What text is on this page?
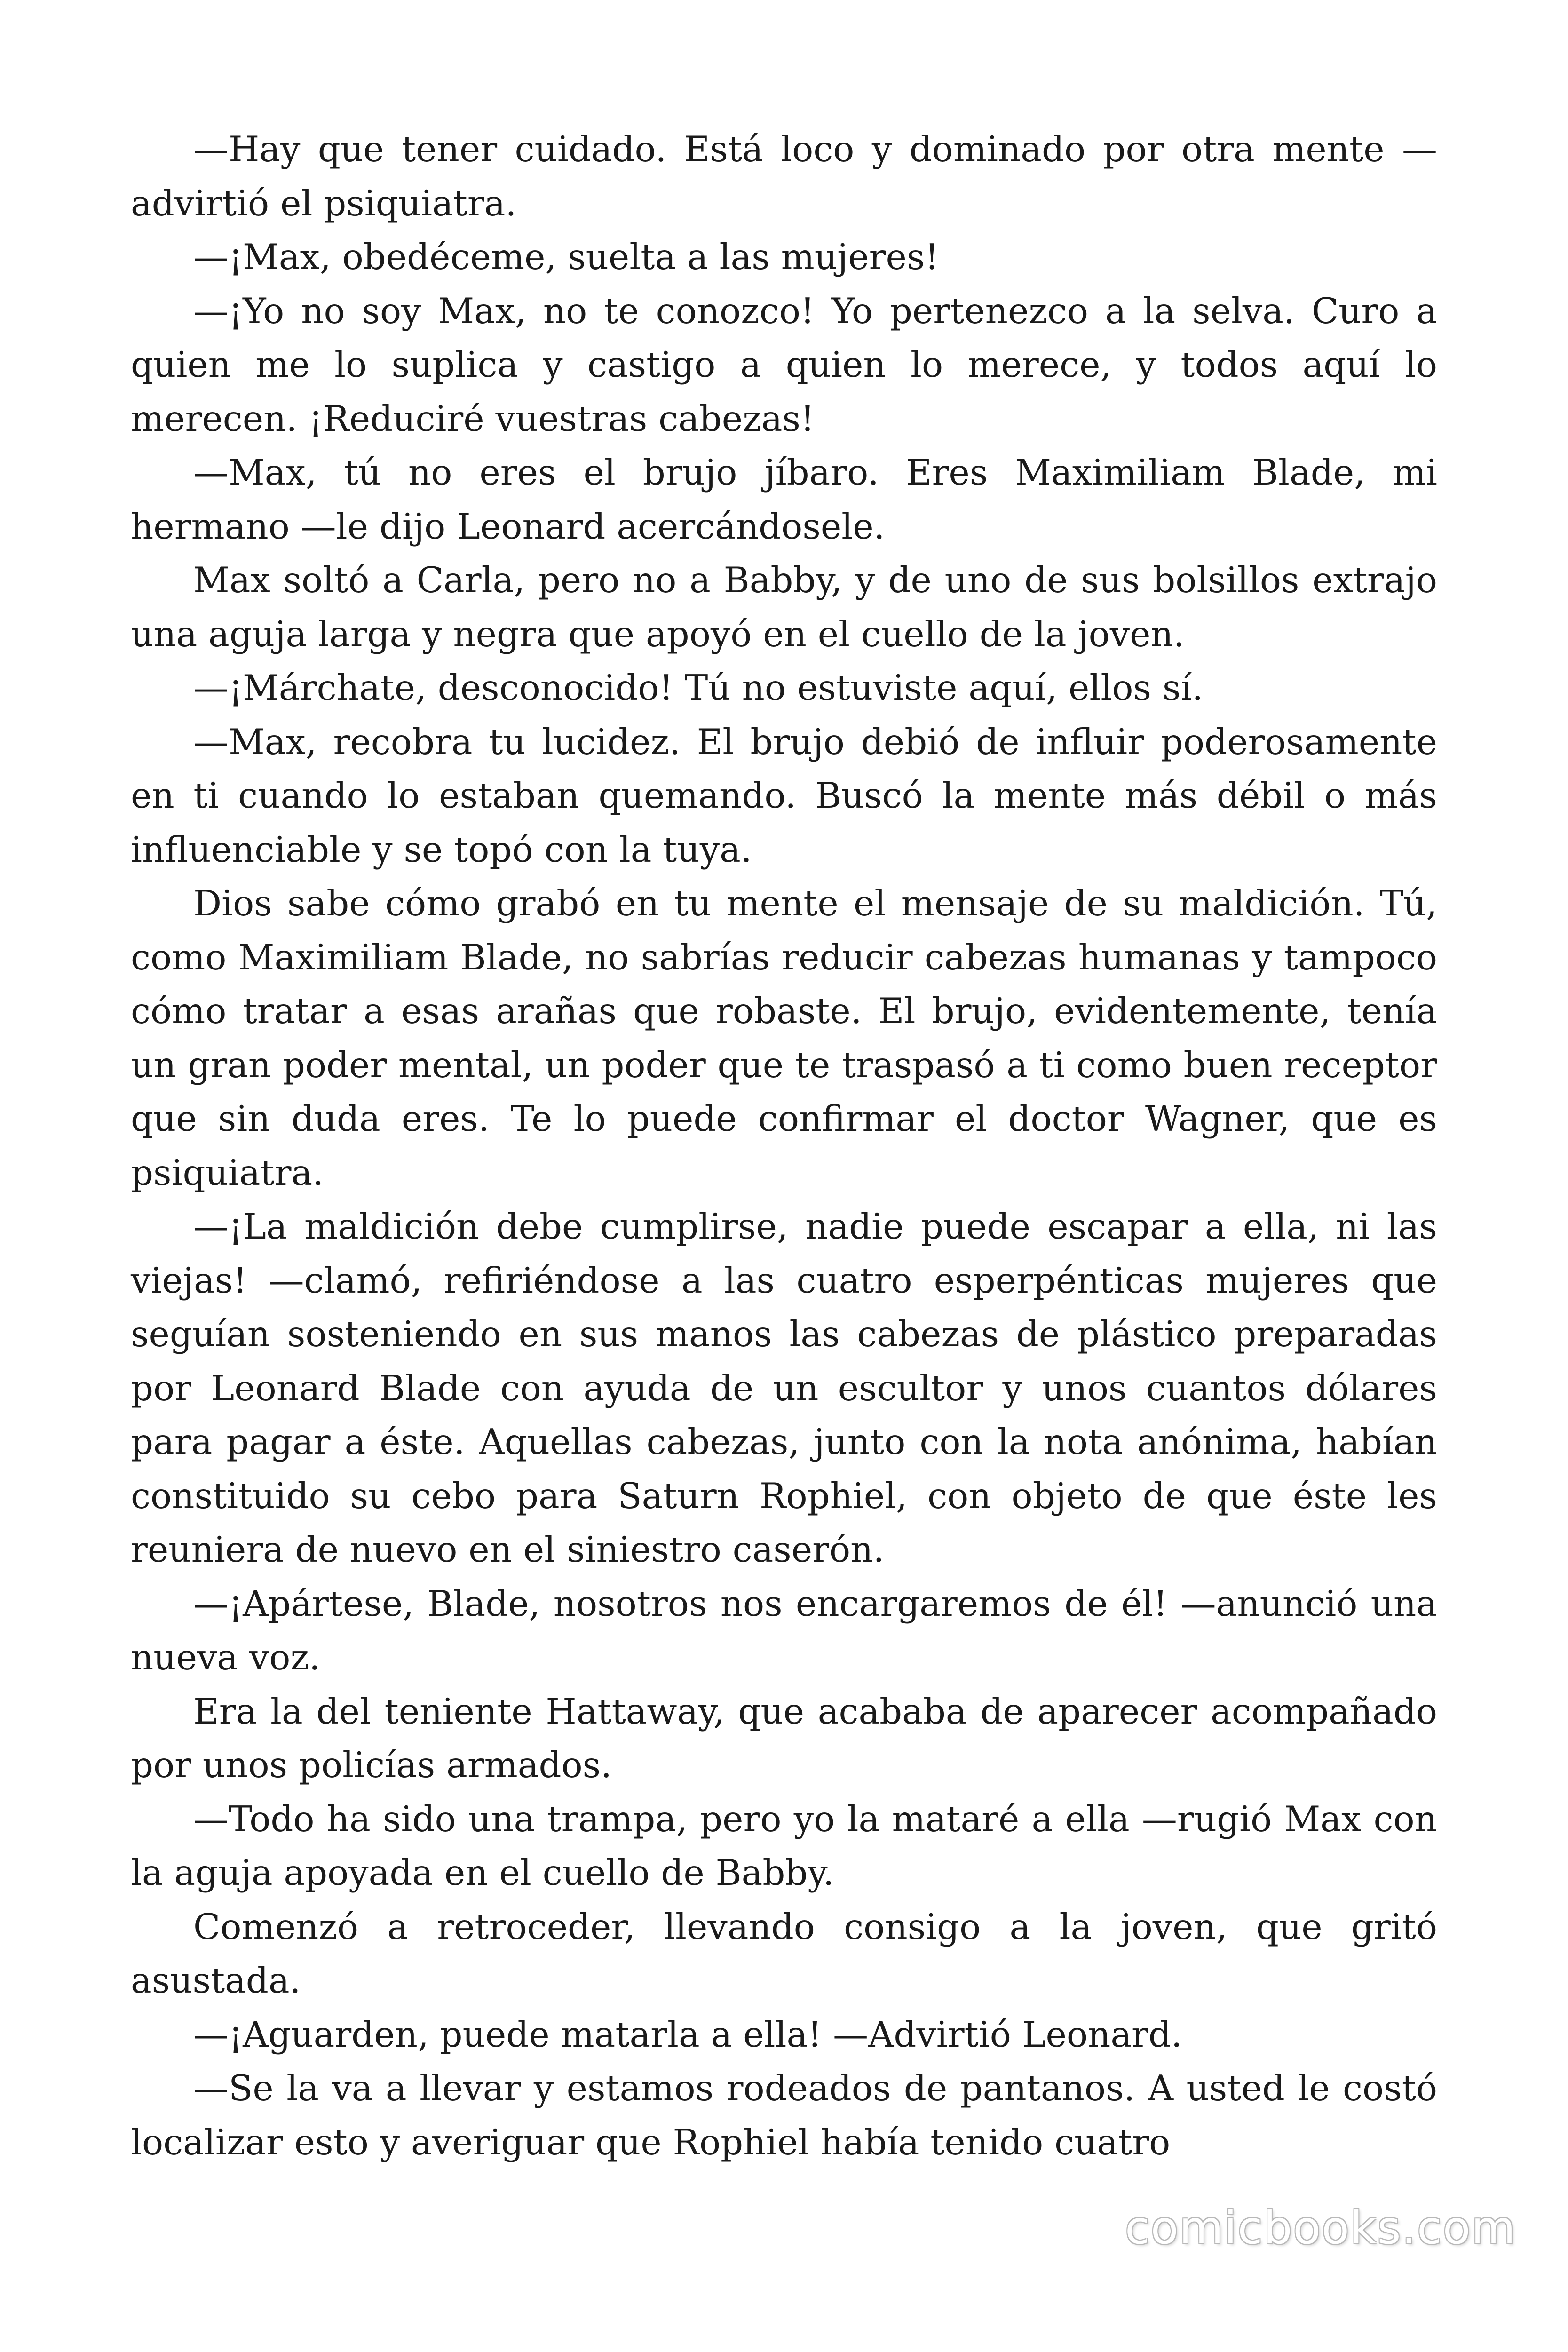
—Hay que tener cuidado. Está loco y dominado por otra mente —advirtió el psiquiatra.

—¡Max, obedéceme, suelta a las mujeres!

—¡Yo no soy Max, no te conozco! Yo pertenezco a la selva. Curo a quien me lo suplica y castigo a quien lo merece, y todos aquí lo merecen. ¡Reduciré vuestras cabezas!

—Max, tú no eres el brujo jíbaro. Eres Maximiliam Blade, mi hermano —le dijo Leonard acercándosele.

Max soltó a Carla, pero no a Babby, y de uno de sus bolsillos extrajo una aguja larga y negra que apoyó en el cuello de la joven.

—¡Márchate, desconocido! Tú no estuviste aquí, ellos sí.

—Max, recobra tu lucidez. El brujo debió de influir poderosamente en ti cuando lo estaban quemando. Buscó la mente más débil o más influenciable y se topó con la tuya.

Dios sabe cómo grabó en tu mente el mensaje de su maldición. Tú, como Maximiliam Blade, no sabrías reducir cabezas humanas y tampoco cómo tratar a esas arañas que robaste. El brujo, evidentemente, tenía un gran poder mental, un poder que te traspasó a ti como buen receptor que sin duda eres. Te lo puede confirmar el doctor Wagner, que es psiquiatra.

—¡La maldición debe cumplirse, nadie puede escapar a ella, ni las viejas! —clamó, refiriéndose a las cuatro esperpénticas mujeres que seguían sosteniendo en sus manos las cabezas de plástico preparadas por Leonard Blade con ayuda de un escultor y unos cuantos dólares para pagar a éste. Aquellas cabezas, junto con la nota anónima, habían constituido su cebo para Saturn Rophiel, con objeto de que éste les reuniera de nuevo en el siniestro caserón.

—¡Apártese, Blade, nosotros nos encargaremos de él! —anunció una nueva voz.

Era la del teniente Hattaway, que acababa de aparecer acompañado por unos policías armados.

—Todo ha sido una trampa, pero yo la mataré a ella —rugió Max con la aguja apoyada en el cuello de Babby.

Comenzó a retroceder, llevando consigo a la joven, que gritó asustada.

—¡Aguarden, puede matarla a ella! —Advirtió Leonard.

—Se la va a llevar y estamos rodeados de pantanos. A usted le costó localizar esto y averiguar que Rophiel había tenido cuatro

comicbooks.com
